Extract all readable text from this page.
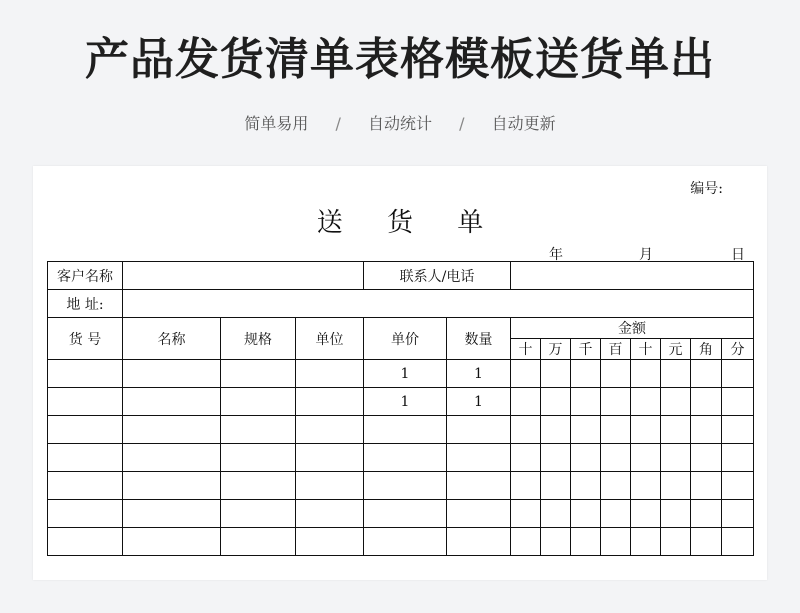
产品发货清单表格模板送货单出
简单易用 / 自动统计 / 自动更新
编号:
送 货 单
年	月	日
客户名称				联系人/电话									
地 址:													
货 号	名称	规格	单位	单价	数量	金额							
						十	万	千	百	十	元	角	分
				1	1								
				1	1								
